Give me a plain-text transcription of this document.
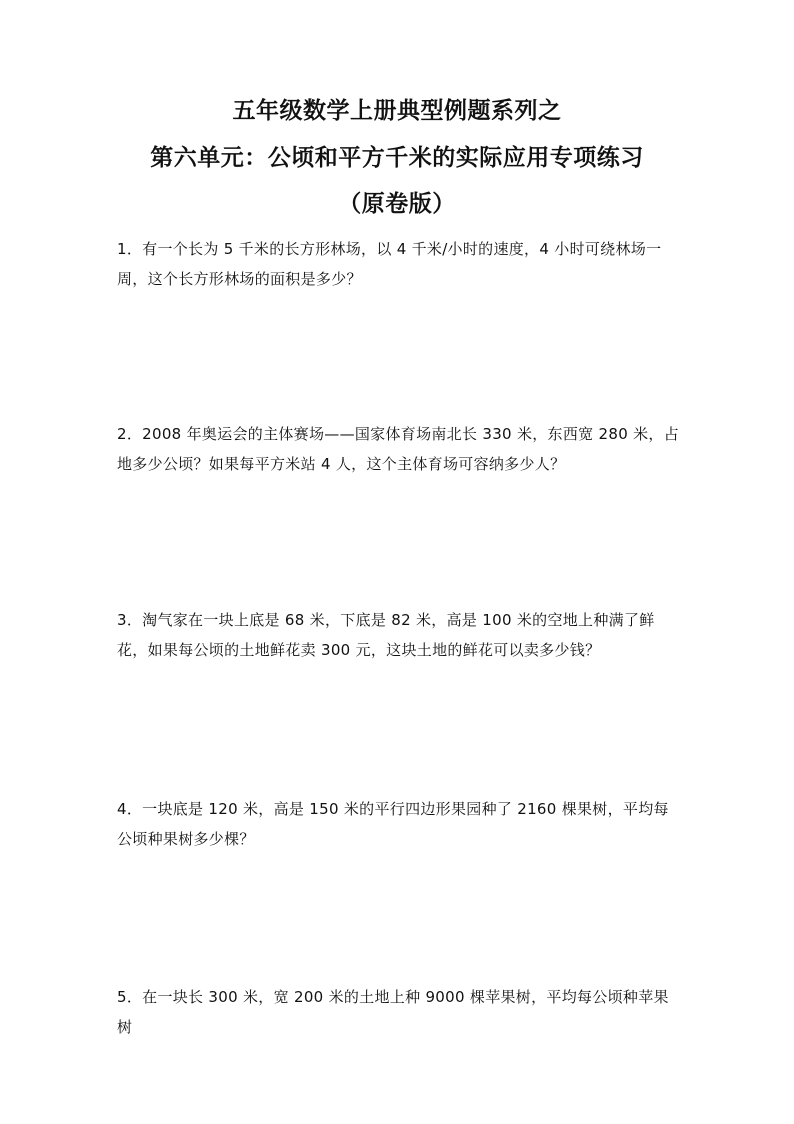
五年级数学上册典型例题系列之
第六单元：公顷和平方千米的实际应用专项练习
（原卷版）

1．有一个长为 5 千米的长方形林场，以 4 千米/小时的速度，4 小时可绕林场一周，这个长方形林场的面积是多少？

2．2008 年奥运会的主体赛场——国家体育场南北长 330 米，东西宽 280 米，占地多少公顷？如果每平方米站 4 人，这个主体育场可容纳多少人？

3．淘气家在一块上底是 68 米，下底是 82 米，高是 100 米的空地上种满了鲜花，如果每公顷的土地鲜花卖 300 元，这块土地的鲜花可以卖多少钱？

4．一块底是 120 米，高是 150 米的平行四边形果园种了 2160 棵果树，平均每公顷种果树多少棵？

5．在一块长 300 米，宽 200 米的土地上种 9000 棵苹果树，平均每公顷种苹果树
